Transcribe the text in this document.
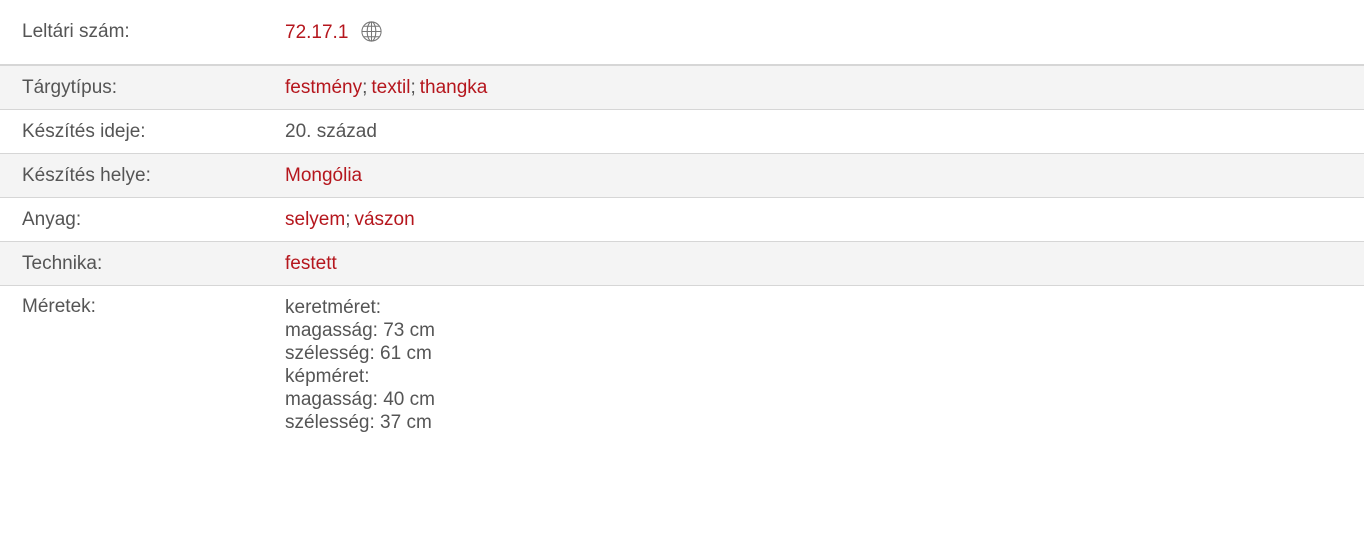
Leltári szám:	72.17.1
Tárgytípus:	festmény; textil; thangka
Készítés ideje:	20. század
Készítés helye:	Mongólia
Anyag:	selyem; vászon
Technika:	festett
Méretek:	keretméret:
magasság: 73 cm
szélesség: 61 cm
képméret:
magasság: 40 cm
szélesség: 37 cm
